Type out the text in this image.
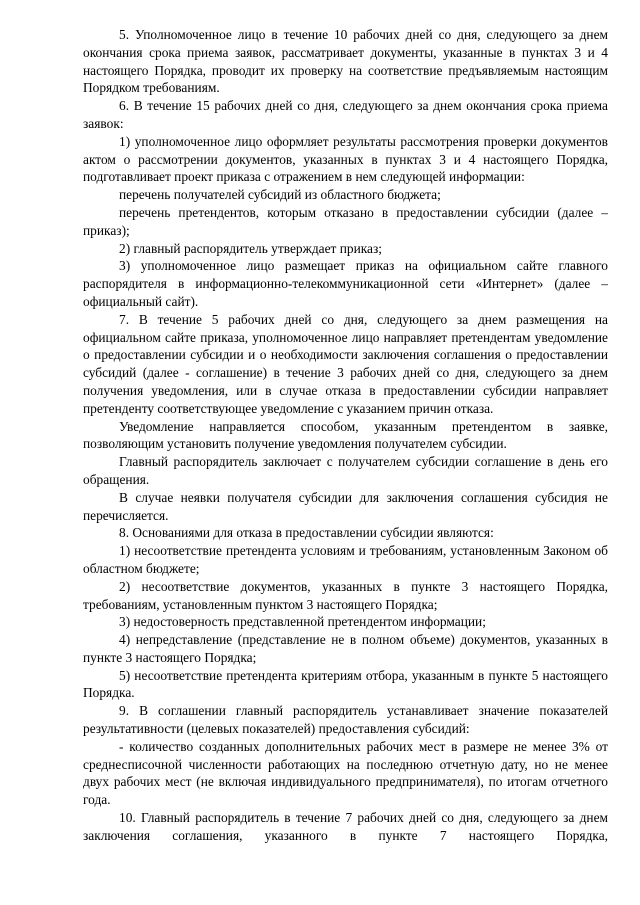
5. Уполномоченное лицо в течение 10 рабочих дней со дня, следующего за днем окончания срока приема заявок, рассматривает документы, указанные в пунктах 3 и 4 настоящего Порядка, проводит их проверку на соответствие предъявляемым настоящим Порядком требованиям.

6. В течение 15 рабочих дней со дня, следующего за днем окончания срока приема заявок:

1) уполномоченное лицо оформляет результаты рассмотрения проверки документов актом о рассмотрении документов, указанных в пунктах 3 и 4 настоящего Порядка, подготавливает проект приказа с отражением в нем следующей информации:

перечень получателей субсидий из областного бюджета;

перечень претендентов, которым отказано в предоставлении субсидии (далее – приказ);

2) главный распорядитель утверждает приказ;

3) уполномоченное лицо размещает приказ на официальном сайте главного распорядителя в информационно-телекоммуникационной сети «Интернет» (далее – официальный сайт).

7. В течение 5 рабочих дней со дня, следующего за днем размещения на официальном сайте приказа, уполномоченное лицо направляет претендентам уведомление о предоставлении субсидии и о необходимости заключения соглашения о предоставлении субсидий (далее - соглашение) в течение 3 рабочих дней со дня, следующего за днем получения уведомления, или в случае отказа в предоставлении субсидии направляет претенденту соответствующее уведомление с указанием причин отказа.

Уведомление направляется способом, указанным претендентом в заявке, позволяющим установить получение уведомления получателем субсидии.

Главный распорядитель заключает с получателем субсидии соглашение в день его обращения.

В случае неявки получателя субсидии для заключения соглашения субсидия не перечисляется.

8. Основаниями для отказа в предоставлении субсидии являются:

1) несоответствие претендента условиям и требованиям, установленным Законом об областном бюджете;

2) несоответствие документов, указанных в пункте 3 настоящего Порядка, требованиям, установленным пунктом 3 настоящего Порядка;

3) недостоверность представленной претендентом информации;

4) непредставление (представление не в полном объеме) документов, указанных в пункте 3 настоящего Порядка;

5) несоответствие претендента критериям отбора, указанным в пункте 5 настоящего Порядка.

9. В соглашении главный распорядитель устанавливает значение показателей результативности (целевых показателей) предоставления субсидий:

- количество созданных дополнительных рабочих мест в размере не менее 3% от среднесписочной численности работающих на последнюю отчетную дату, но не менее двух рабочих мест (не включая индивидуального предпринимателя), по итогам отчетного года.

10. Главный распорядитель в течение 7 рабочих дней со дня, следующего за днем заключения соглашения, указанного в пункте 7 настоящего Порядка,
